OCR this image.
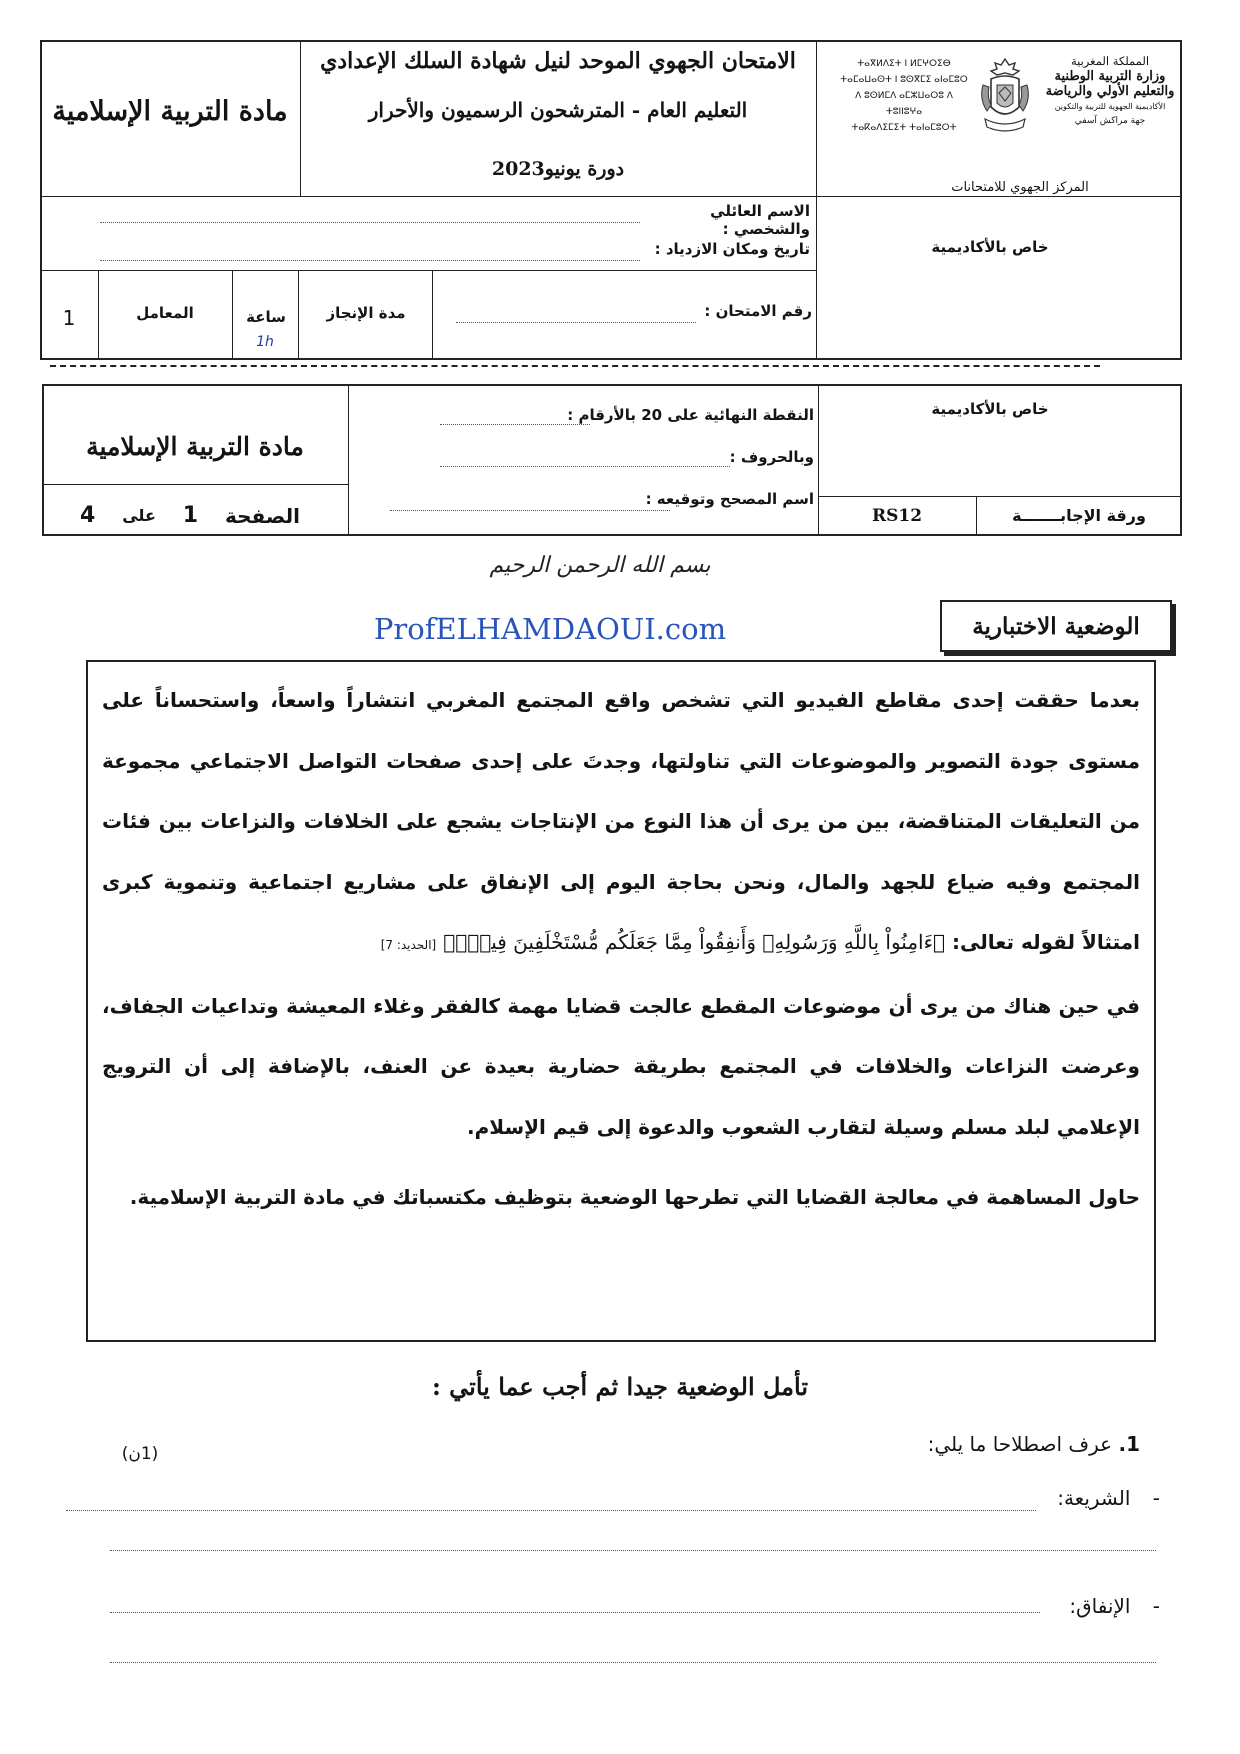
مادة التربية الإسلامية
الامتحان الجهوي الموحد لنيل شهادة السلك الإعدادي
التعليم العام - المترشحون الرسميون والأحرار
دورة يونيو2023
المملكة المغربية
وزارة التربية الوطنية
والتعليم الأولي والرياضة
الأكاديمية الجهوية للتربية والتكوين
جهة مراكش آسفي
ⵜⴰⴳⵍⴷⵉⵜ ⵏ ⵍⵎⵖⵔⵉⴱ
ⵜⴰⵎⴰⵡⴰⵙⵜ ⵏ ⵓⵙⴳⵎⵉ ⴰⵏⴰⵎⵓⵔ
ⴷ ⵓⵙⵍⵎⴷ ⴰⵎⵣⵡⴰⵔⵓ ⴷ ⵜⵓⵏⵏⵓⵖⴰ
ⵜⴰⴽⴰⴷⵉⵎⵉⵜ ⵜⴰⵏⴰⵎⵓⵔⵜ
المركز الجهوي للامتحانات
خاص بالأكاديمية
الاسم العائلي والشخصي :
تاريخ ومكان الازدياد :
رقم الامتحان :
مدة الإنجاز
ساعة
1h
المعامل
1
مادة التربية الإسلامية
الصفحة
1
على
4
النقطة النهائية على 20 بالأرقام :
وبالحروف :
اسم المصحح وتوقيعه :
خاص بالأكاديمية
RS12	ورقة الإجابـــــــة
بسم الله الرحمن الرحيم
ProfELHAMDAOUI.com	الوضعية الاختبارية

بعدما حققت إحدى مقاطع الفيديو التي تشخص واقع المجتمع المغربي انتشاراً واسعاً، واستحساناً على مستوى جودة التصوير والموضوعات التي تناولتها، وجدتَ على إحدى صفحات التواصل الاجتماعي مجموعة من التعليقات المتناقضة، بين من يرى أن هذا النوع من الإنتاجات يشجع على الخلافات والنزاعات بين فئات المجتمع وفيه ضياع للجهد والمال، ونحن بحاجة اليوم إلى الإنفاق على مشاريع اجتماعية وتنموية كبرى امتثالاً لقوله تعالى: ﴿ءَامِنُواْ بِاللَّهِ وَرَسُولِهِۦ وَأَنفِقُواْ مِمَّا جَعَلَكُم مُّسْتَخْلَفِينَ فِيهِۖ﴾ [الحديد: 7]

في حين هناك من يرى أن موضوعات المقطع عالجت قضايا مهمة كالفقر وغلاء المعيشة وتداعيات الجفاف، وعرضت النزاعات والخلافات في المجتمع بطريقة حضارية بعيدة عن العنف، بالإضافة إلى أن الترويج الإعلامي لبلد مسلم وسيلة لتقارب الشعوب والدعوة إلى قيم الإسلام.

حاول المساهمة في معالجة القضايا التي تطرحها الوضعية بتوظيف مكتسباتك في مادة التربية الإسلامية.

تأمل الوضعية جيدا ثم أجب عما يأتي :
1. عرف اصطلاحا ما يلي:
(1ن)
- الشريعة:
- الإنفاق:
